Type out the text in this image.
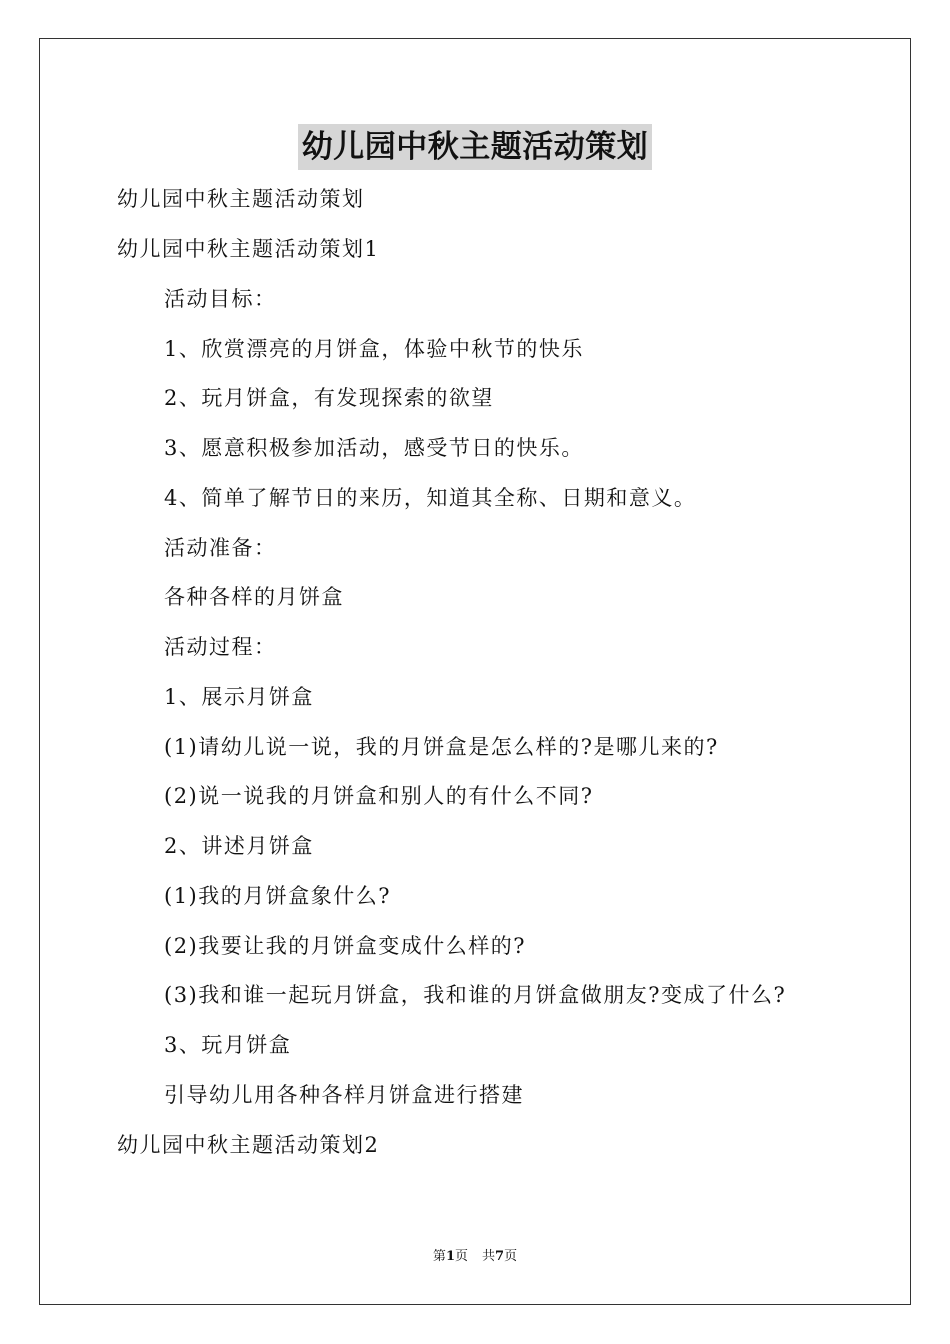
幼儿园中秋主题活动策划
幼儿园中秋主题活动策划
幼儿园中秋主题活动策划1
活动目标：
1、欣赏漂亮的月饼盒，体验中秋节的快乐
2、玩月饼盒，有发现探索的欲望
3、愿意积极参加活动，感受节日的快乐。
4、简单了解节日的来历，知道其全称、日期和意义。
活动准备：
各种各样的月饼盒
活动过程：
1、展示月饼盒
(1)请幼儿说一说，我的月饼盒是怎么样的?是哪儿来的?
(2)说一说我的月饼盒和别人的有什么不同?
2、讲述月饼盒
(1)我的月饼盒象什么?
(2)我要让我的月饼盒变成什么样的?
(3)我和谁一起玩月饼盒，我和谁的月饼盒做朋友?变成了什么?
3、玩月饼盒
引导幼儿用各种各样月饼盒进行搭建
幼儿园中秋主题活动策划2
第1页 共7页
